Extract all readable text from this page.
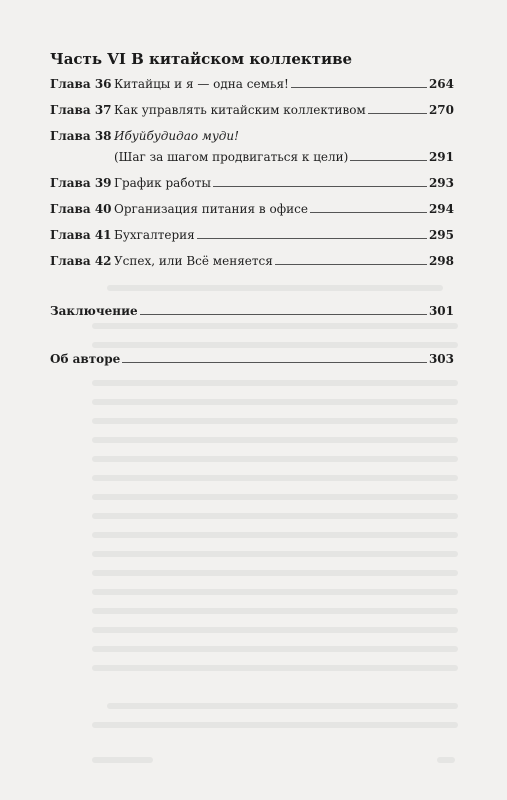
Часть VI В китайском коллективе
Глава 36 Китайцы и я — одна семья!	264
Глава 37 Как управлять китайским коллективом	270
Глава 38 Ибуйбудидао муди!
(Шаг за шагом продвигаться к цели)	291
Глава 39 График работы	293
Глава 40 Организация питания в офисе	294
Глава 41 Бухгалтерия	295
Глава 42 Успех, или Всё меняется	298
Заключение	301
Об авторе	303
